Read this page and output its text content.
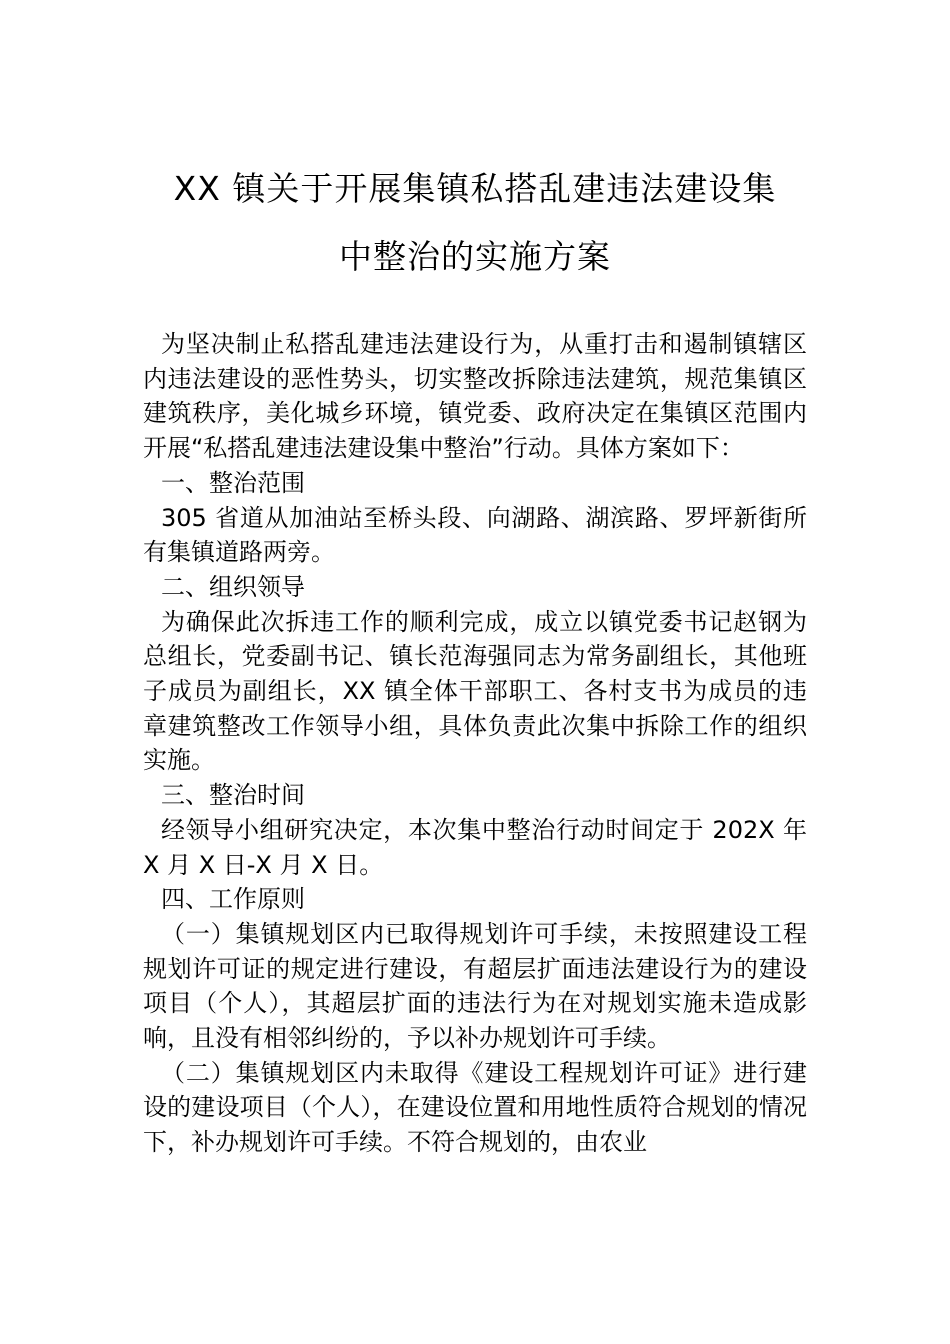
XX 镇关于开展集镇私搭乱建违法建设集
中整治的实施方案

为坚决制止私搭乱建违法建设行为，从重打击和遏制镇辖区内违法建设的恶性势头，切实整改拆除违法建筑，规范集镇区建筑秩序，美化城乡环境，镇党委、政府决定在集镇区范围内开展“私搭乱建违法建设集中整治”行动。具体方案如下：

一、整治范围

305 省道从加油站至桥头段、向湖路、湖滨路、罗坪新街所有集镇道路两旁。

二、组织领导

为确保此次拆违工作的顺利完成，成立以镇党委书记赵钢为总组长，党委副书记、镇长范海强同志为常务副组长，其他班子成员为副组长，XX 镇全体干部职工、各村支书为成员的违章建筑整改工作领导小组，具体负责此次集中拆除工作的组织实施。

三、整治时间

经领导小组研究决定，本次集中整治行动时间定于 202X 年 X 月 X 日-X 月 X 日。

四、工作原则

（一）集镇规划区内已取得规划许可手续，未按照建设工程规划许可证的规定进行建设，有超层扩面违法建设行为的建设项目（个人），其超层扩面的违法行为在对规划实施未造成影响，且没有相邻纠纷的，予以补办规划许可手续。

（二）集镇规划区内未取得《建设工程规划许可证》进行建设的建设项目（个人），在建设位置和用地性质符合规划的情况下，补办规划许可手续。不符合规划的，由农业
